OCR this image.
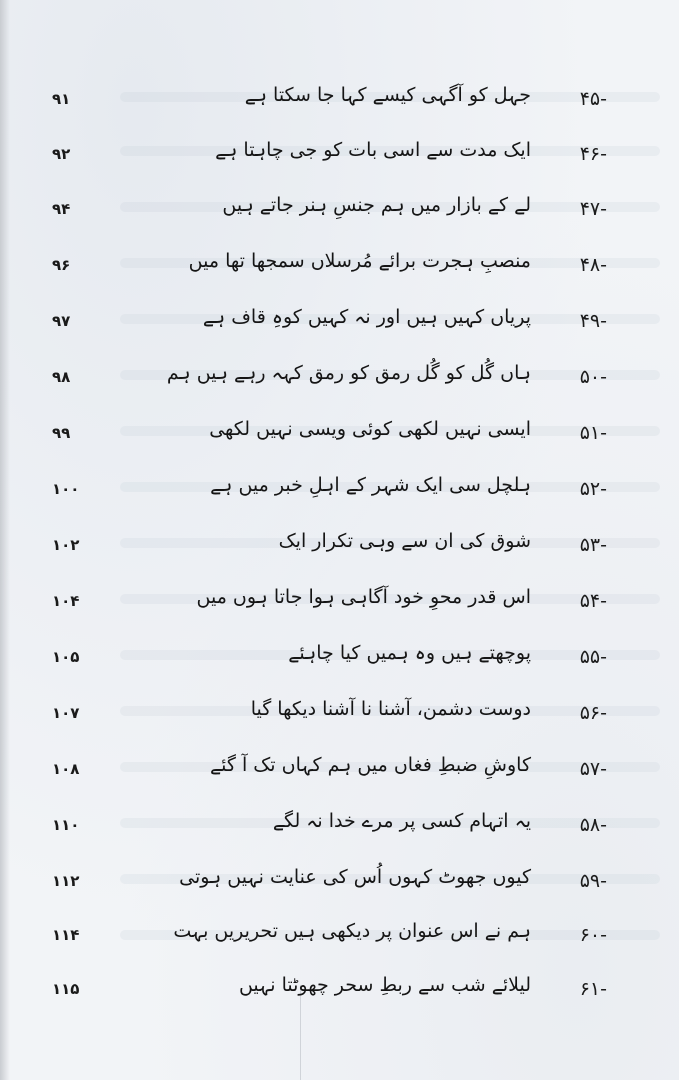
-۴۵
جہل کو آگہی کیسے کہا جا سکتا ہے
۹۱
-۴۶
ایک مدت سے اسی بات کو جی چاہتا ہے
۹۲
-۴۷
لے کے بازار میں ہم جنسِ ہنر جاتے ہیں
۹۴
-۴۸
منصبِ ہجرت برائے مُرسلاں سمجھا تھا میں
۹۶
-۴۹
پریاں کہیں ہیں اور نہ کہیں کوہِ قاف ہے
۹۷
-۵۰
ہاں گُل کو گُل رمق کو رمق کہہ رہے ہیں ہم
۹۸
-۵۱
ایسی نہیں لکھی کوئی ویسی نہیں لکھی
۹۹
-۵۲
ہلچل سی ایک شہر کے اہلِ خبر میں ہے
۱۰۰
-۵۳
شوق کی ان سے وہی تکرار ایک
۱۰۲
-۵۴
اس قدر محوِ خود آگاہی ہوا جاتا ہوں میں
۱۰۴
-۵۵
پوچھتے ہیں وہ ہمیں کیا چاہئے
۱۰۵
-۵۶
دوست دشمن، آشنا نا آشنا دیکھا گیا
۱۰۷
-۵۷
کاوشِ ضبطِ فغاں میں ہم کہاں تک آ گئے
۱۰۸
-۵۸
یہ اتہام کسی پر مرے خدا نہ لگے
۱۱۰
-۵۹
کیوں جھوٹ کہوں اُس کی عنایت نہیں ہوتی
۱۱۲
-۶۰
ہم نے اس عنوان پر دیکھی ہیں تحریریں بہت
۱۱۴
-۶۱
لیلائے شب سے ربطِ سحر چھوٹتا نہیں
۱۱۵
